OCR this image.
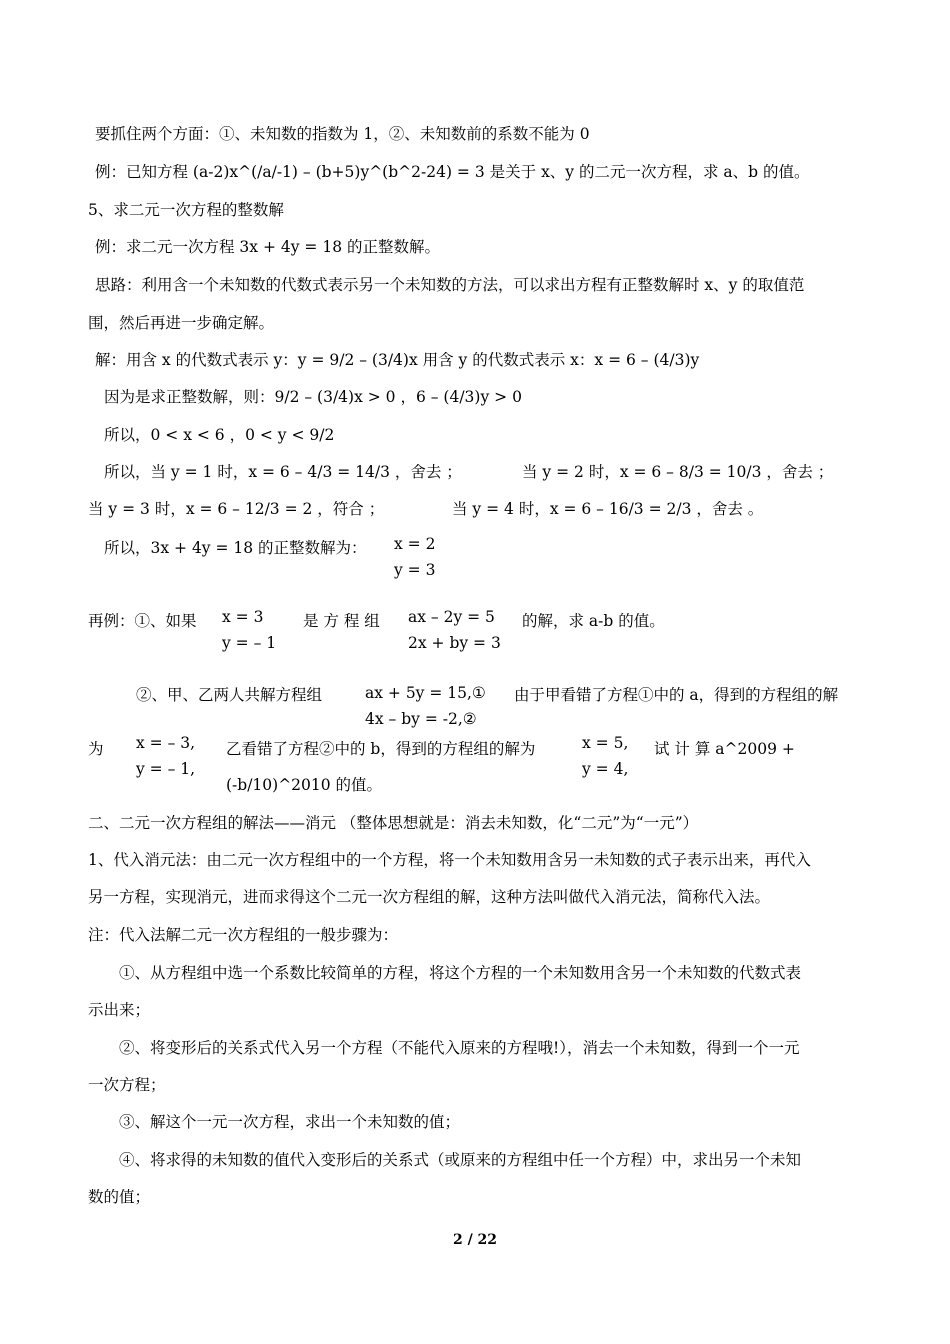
要抓住两个方面：①、未知数的指数为 1，②、未知数前的系数不能为 0
例：已知方程 (a-2)x^(/a/-1) – (b+5)y^(b^2-24) = 3 是关于 x、y 的二元一次方程，求 a、b 的值。
5、求二元一次方程的整数解
例：求二元一次方程 3x + 4y = 18 的正整数解。
思路：利用含一个未知数的代数式表示另一个未知数的方法，可以求出方程有正整数解时 x、y 的取值范
围，然后再进一步确定解。
解：用含 x 的代数式表示 y：y = 9/2 – (3/4)x 用含 y 的代数式表示 x：x = 6 – (4/3)y
因为是求正整数解，则：9/2 – (3/4)x > 0 ，6 – (4/3)y > 0
所以，0 < x < 6 ，0 < y < 9/2
所以，当 y = 1 时，x = 6 – 4/3 = 14/3 ，舍去 ；	当 y = 2 时，x = 6 – 8/3 = 10/3 ，舍去 ；
当 y = 3 时，x = 6 – 12/3 = 2 ，符合 ；	当 y = 4 时，x = 6 – 16/3 = 2/3 ，舍去 。
所以，3x + 4y = 18 的正整数解为： x = 2
y = 3
再例：①、如果 x = 3
y = – 1
是 方 程 组 ax – 2y = 5
2x + by = 3
的解，求 a-b 的值。
②、甲、乙两人共解方程组	ax + 5y = 15,①
4x – by = -2,②
由于甲看错了方程①中的 a，得到的方程组的解
为 x = – 3,
y = – 1,
乙看错了方程②中的 b，得到的方程组的解为	x = 5,
y = 4,
试 计 算 a^2009 +
(-b/10)^2010 的值。
二、二元一次方程组的解法——消元 （整体思想就是：消去未知数，化“二元”为“一元”）
1、代入消元法：由二元一次方程组中的一个方程，将一个未知数用含另一未知数的式子表示出来，再代入
另一方程，实现消元，进而求得这个二元一次方程组的解，这种方法叫做代入消元法，简称代入法。
注：代入法解二元一次方程组的一般步骤为：
①、从方程组中选一个系数比较简单的方程，将这个方程的一个未知数用含另一个未知数的代数式表
示出来；
②、将变形后的关系式代入另一个方程（不能代入原来的方程哦!），消去一个未知数，得到一个一元
一次方程；
③、解这个一元一次方程，求出一个未知数的值；
④、将求得的未知数的值代入变形后的关系式（或原来的方程组中任一个方程）中，求出另一个未知
数的值；
2 / 22
